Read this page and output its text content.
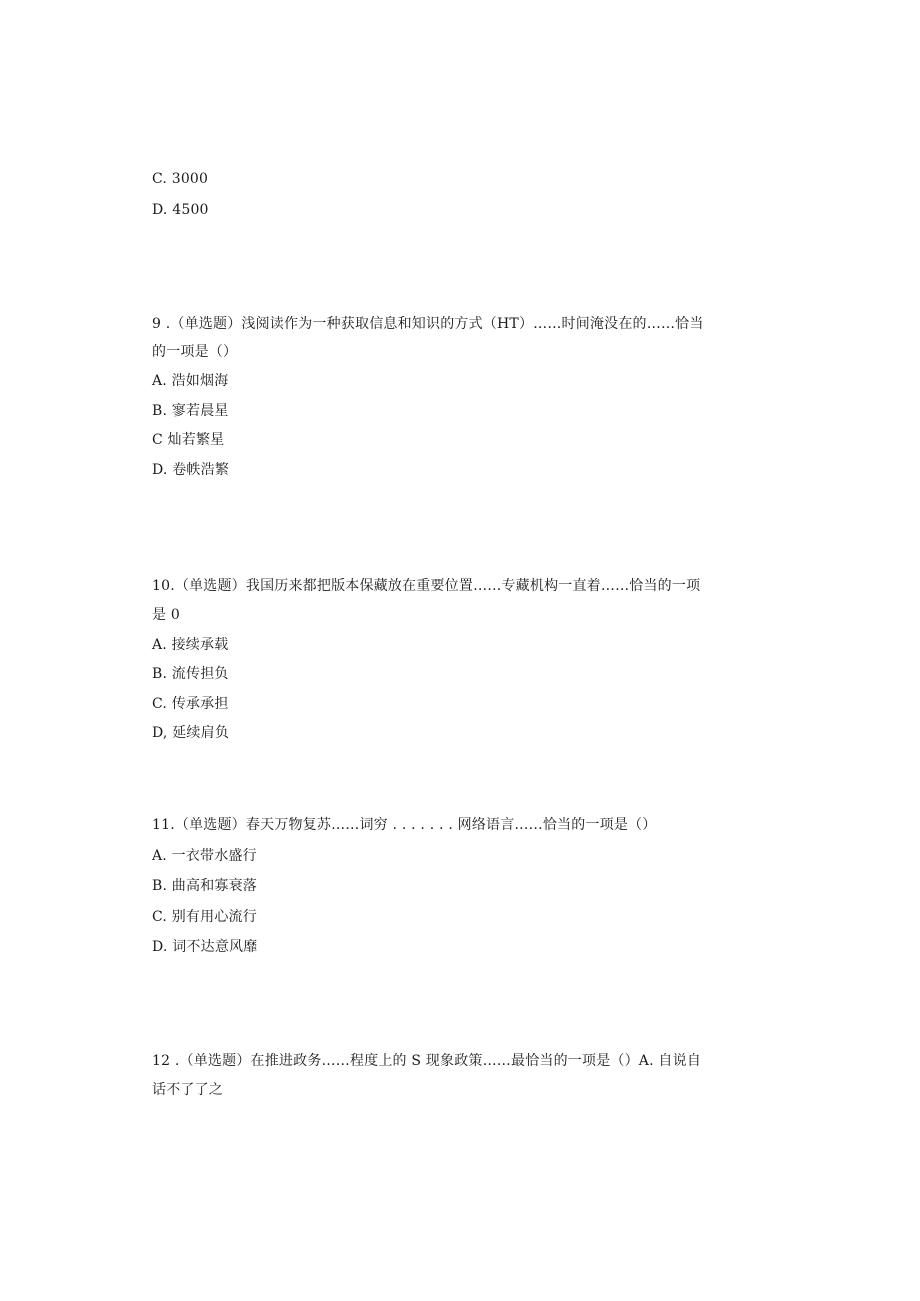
C. 3000
D. 4500
9 .（单选题）浅阅读作为一种获取信息和知识的方式（HT）……时间淹没在的……恰当
的一项是（）
A. 浩如烟海
B. 寥若晨星
C 灿若繁星
D. 卷帙浩繁
10.（单选题）我国历来都把版本保藏放在重要位置……专藏机构一直着……恰当的一项
是 0
A. 接续承载
B. 流传担负
C. 传承承担
D, 延续肩负
11.（单选题）春天万物复苏……词穷 . . . . . . . 网络语言……恰当的一项是（）
A. 一衣带水盛行
B. 曲高和寡衰落
C. 别有用心流行
D. 词不达意风靡
12 .（单选题）在推进政务……程度上的 S 现象政策……最恰当的一项是（）A. 自说自
话不了了之
